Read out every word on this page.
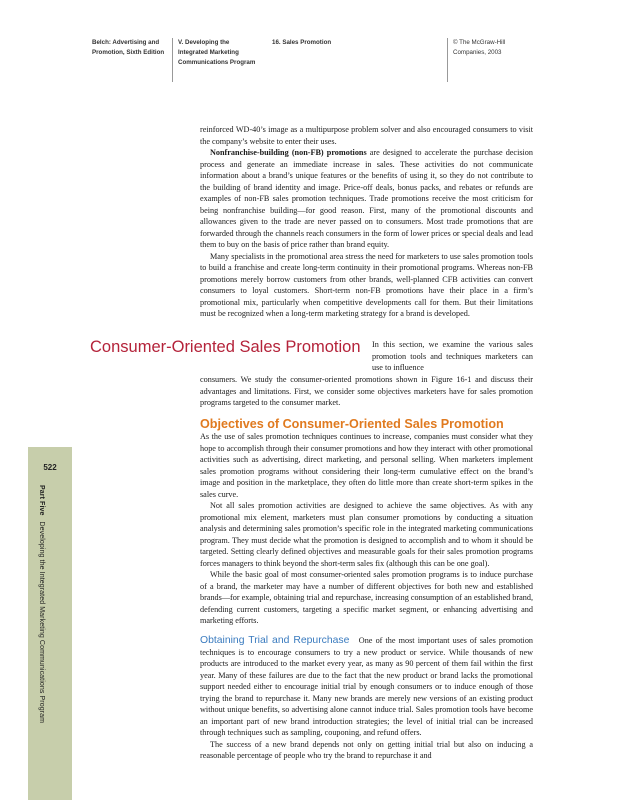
Belch: Advertising and
Promotion, Sixth Edition
V. Developing the
Integrated Marketing
Communications Program
16. Sales Promotion	© The McGraw-Hill
Companies, 2003
522
Part Five Developing the Integrated Marketing Communications Program

reinforced WD-40’s image as a multipurpose problem solver and also encouraged consumers to visit the company’s website to enter their uses.

Nonfranchise-building (non-FB) promotions are designed to accelerate the purchase decision process and generate an immediate increase in sales. These activities do not communicate information about a brand’s unique features or the benefits of using it, so they do not contribute to the building of brand identity and image. Price-off deals, bonus packs, and rebates or refunds are examples of non-FB sales promotion techniques. Trade promotions receive the most criticism for being nonfranchise building—for good reason. First, many of the promotional discounts and allowances given to the trade are never passed on to consumers. Most trade promotions that are forwarded through the channels reach consumers in the form of lower prices or special deals and lead them to buy on the basis of price rather than brand equity.

Many specialists in the promotional area stress the need for marketers to use sales promotion tools to build a franchise and create long-term continuity in their promotional programs. Whereas non-FB promotions merely borrow customers from other brands, well-planned CFB activities can convert consumers to loyal customers. Short-term non-FB promotions have their place in a firm’s promotional mix, particularly when competitive developments call for them. But their limitations must be recognized when a long-term marketing strategy for a brand is developed.

Consumer-Oriented Sales Promotion In this section, we examine the various sales promotion tools and techniques marketers can use to influence

consumers. We study the consumer-oriented promotions shown in Figure 16-1 and discuss their advantages and limitations. First, we consider some objectives marketers have for sales promotion programs targeted to the consumer market.

Objectives of Consumer-Oriented Sales Promotion

As the use of sales promotion techniques continues to increase, companies must consider what they hope to accomplish through their consumer promotions and how they interact with other promotional activities such as advertising, direct marketing, and personal selling. When marketers implement sales promotion programs without considering their long-term cumulative effect on the brand’s image and position in the marketplace, they often do little more than create short-term spikes in the sales curve.

Not all sales promotion activities are designed to achieve the same objectives. As with any promotional mix element, marketers must plan consumer promotions by conducting a situation analysis and determining sales promotion’s specific role in the integrated marketing communications program. They must decide what the promotion is designed to accomplish and to whom it should be targeted. Setting clearly defined objectives and measurable goals for their sales promotion programs forces managers to think beyond the short-term sales fix (although this can be one goal).

While the basic goal of most consumer-oriented sales promotion programs is to induce purchase of a brand, the marketer may have a number of different objectives for both new and established brands—for example, obtaining trial and repurchase, increasing consumption of an established brand, defending current customers, targeting a specific market segment, or enhancing advertising and marketing efforts.

Obtaining Trial and Repurchase One of the most important uses of sales promotion techniques is to encourage consumers to try a new product or service. While thousands of new products are introduced to the market every year, as many as 90 percent of them fail within the first year. Many of these failures are due to the fact that the new product or brand lacks the promotional support needed either to encourage initial trial by enough consumers or to induce enough of those trying the brand to repurchase it. Many new brands are merely new versions of an existing product without unique benefits, so advertising alone cannot induce trial. Sales promotion tools have become an important part of new brand introduction strategies; the level of initial trial can be increased through techniques such as sampling, couponing, and refund offers.

The success of a new brand depends not only on getting initial trial but also on inducing a reasonable percentage of people who try the brand to repurchase it and
